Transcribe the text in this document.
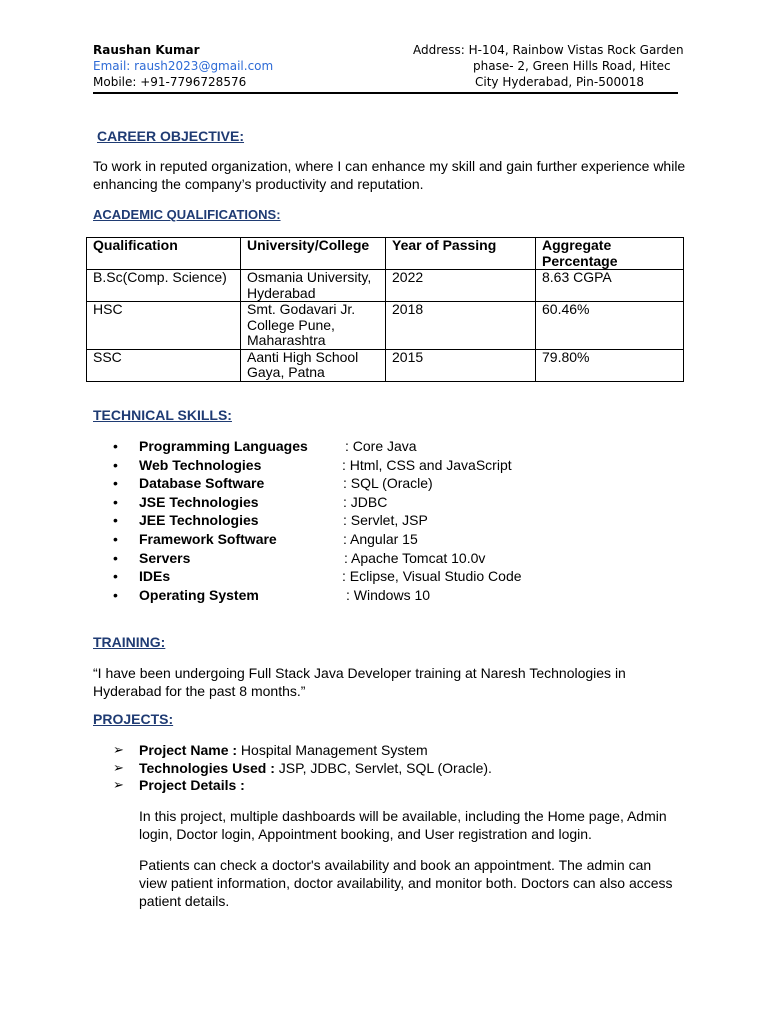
Raushan Kumar
Email: raush2023@gmail.com
Mobile: +91-7796728576
Address: H-104, Rainbow Vistas Rock Garden
phase- 2, Green Hills Road, Hitec
City Hyderabad, Pin-500018
CAREER OBJECTIVE:
To work in reputed organization, where I can enhance my skill and gain further experience while enhancing the company’s productivity and reputation.
ACADEMIC QUALIFICATIONS:
Qualification	University/College	Year of Passing	Aggregate Percentage
B.Sc(Comp. Science)	Osmania University, Hyderabad	2022	8.63 CGPA
HSC	Smt. Godavari Jr. College Pune, Maharashtra	2018	60.46%
SSC	Aanti High School Gaya, Patna	2015	79.80%
TECHNICAL SKILLS:
• Programming Languages	: Core Java
• Web Technologies	: Html, CSS and JavaScript
• Database Software	: SQL (Oracle)
• JSE Technologies	: JDBC
• JEE Technologies	: Servlet, JSP
• Framework Software	: Angular 15
• Servers	: Apache Tomcat 10.0v
• IDEs	: Eclipse, Visual Studio Code
• Operating System	: Windows 10
TRAINING:
“I have been undergoing Full Stack Java Developer training at Naresh Technologies in Hyderabad for the past 8 months.”
PROJECTS:
➢ Project Name : Hospital Management System
➢ Technologies Used : JSP, JDBC, Servlet, SQL (Oracle).
➢ Project Details :
In this project, multiple dashboards will be available, including the Home page, Admin login, Doctor login, Appointment booking, and User registration and login.
Patients can check a doctor's availability and book an appointment. The admin can view patient information, doctor availability, and monitor both. Doctors can also access patient details.
